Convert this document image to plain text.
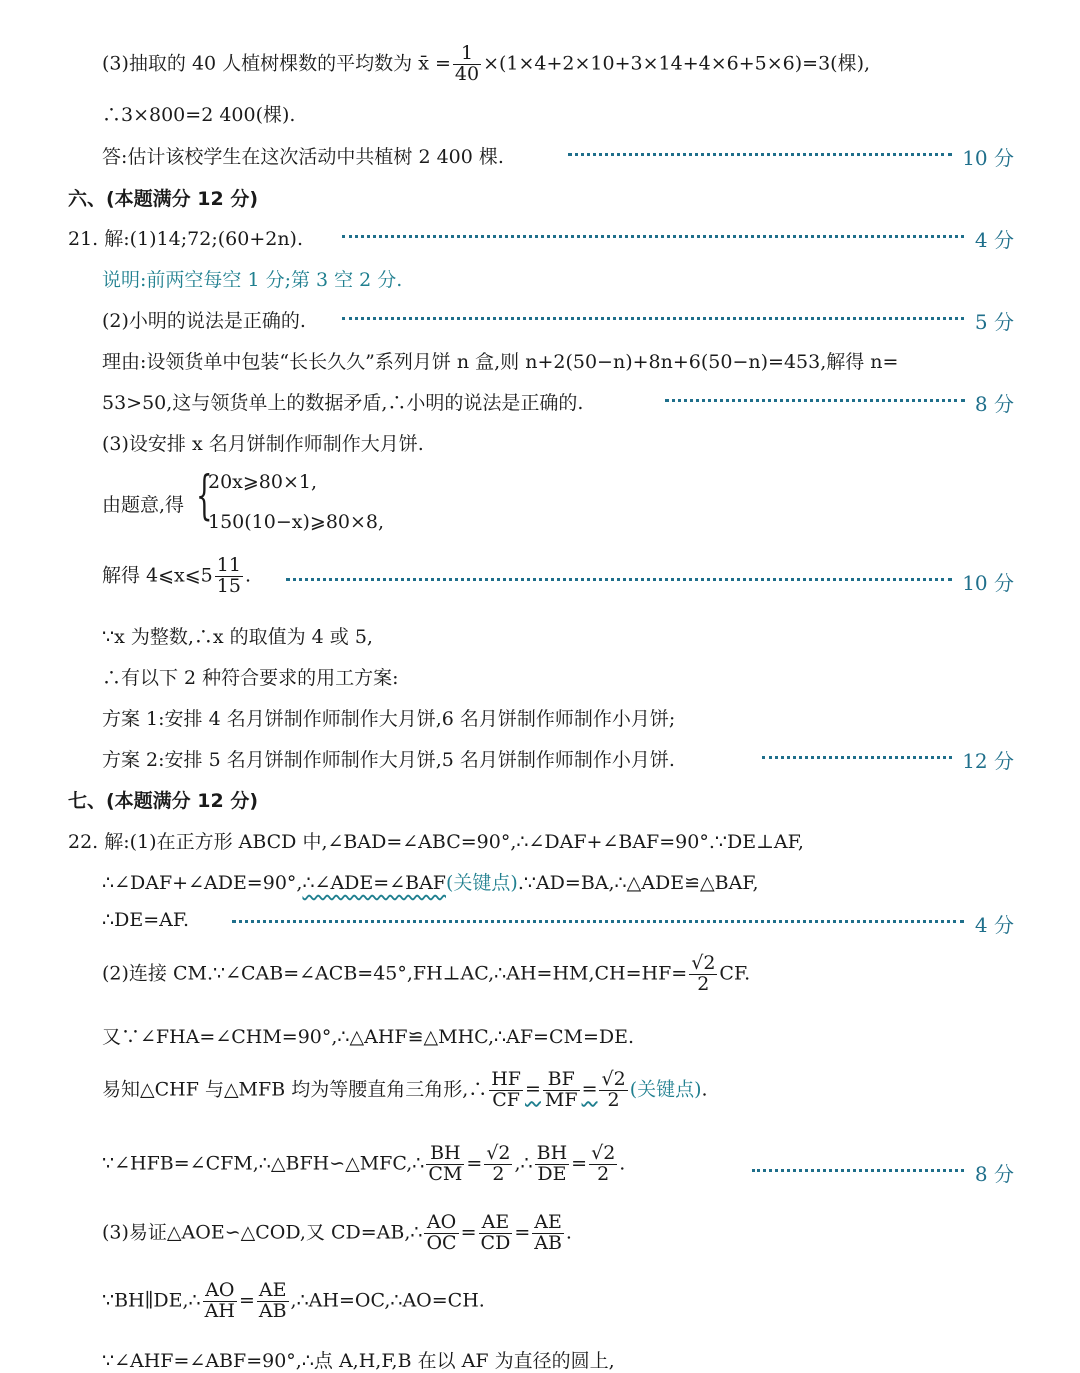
(3)抽取的 40 人植树棵数的平均数为 x̄ = $\frac{1}{40} \times(1\times 4+2\times 10+3\times 14+4\times 6+5\times 6)=3$(棵),
∴3×800=2 400(棵).
答:估计该校学生在这次活动中共植树 2 400 棵.	10 分
六、(本题满分 12 分)
21. 解:(1)14;72;(60+2n).	4 分
说明:前两空每空 1 分;第 3 空 2 分.
(2)小明的说法是正确的.	5 分
理由:设领货单中包装“长长久久”系列月饼 n 盒,则 n+2(50−n)+8n+6(50−n)=453,解得 n=
53>50,这与领货单上的数据矛盾,∴小明的说法是正确的.	8 分
(3)设安排 x 名月饼制作师制作大月饼.
由题意,得 {
20x⩾80×1,
150(10−x)⩾80×8,
解得 4⩽x⩽5 $\frac{11}{15}$ .	10 分
∵x 为整数,∴x 的取值为 4 或 5,
∴有以下 2 种符合要求的用工方案:
方案 1:安排 4 名月饼制作师制作大月饼,6 名月饼制作师制作小月饼;
方案 2:安排 5 名月饼制作师制作大月饼,5 名月饼制作师制作小月饼.	12 分
七、(本题满分 12 分)
22. 解:(1)在正方形 ABCD 中,∠BAD=∠ABC=90°,∴∠DAF+∠BAF=90°.∵DE⊥AF,
∴∠DAF+∠ADE=90°,∴∠ADE=∠BAF(关键点).∵AD=BA,∴△ADE≌△BAF,
∴DE=AF.	4 分
(2)连接 CM.∵∠CAB=∠ACB=45°,FH⊥AC,∴AH=HM,CH=HF= $\frac{√2}{2}$ CF.
又∵∠FHA=∠CHM=90°,∴△AHF≌△MHC,∴AF=CM=DE.
易知△CHF 与△MFB 均为等腰直角三角形,∴ $\frac{HF}{CF} = \frac{BF}{MF} = \frac{√2}{2}$ (关键点).
∵∠HFB=∠CFM,∴△BFH∽△MFC,∴ $\frac{BH}{CM} = \frac{√2}{2}$ ,∴ $\frac{BH}{DE} = \frac{√2}{2}$ .	8 分
(3)易证△AOE∽△COD,又 CD=AB,∴ $\frac{AO}{OC} = \frac{AE}{CD} = \frac{AE}{AB}$ .
∵BH∥DE,∴ $\frac{AO}{AH} = \frac{AE}{AB}$ ,∴AH=OC,∴AO=CH.
∵∠AHF=∠ABF=90°,∴点 A,H,F,B 在以 AF 为直径的圆上,
